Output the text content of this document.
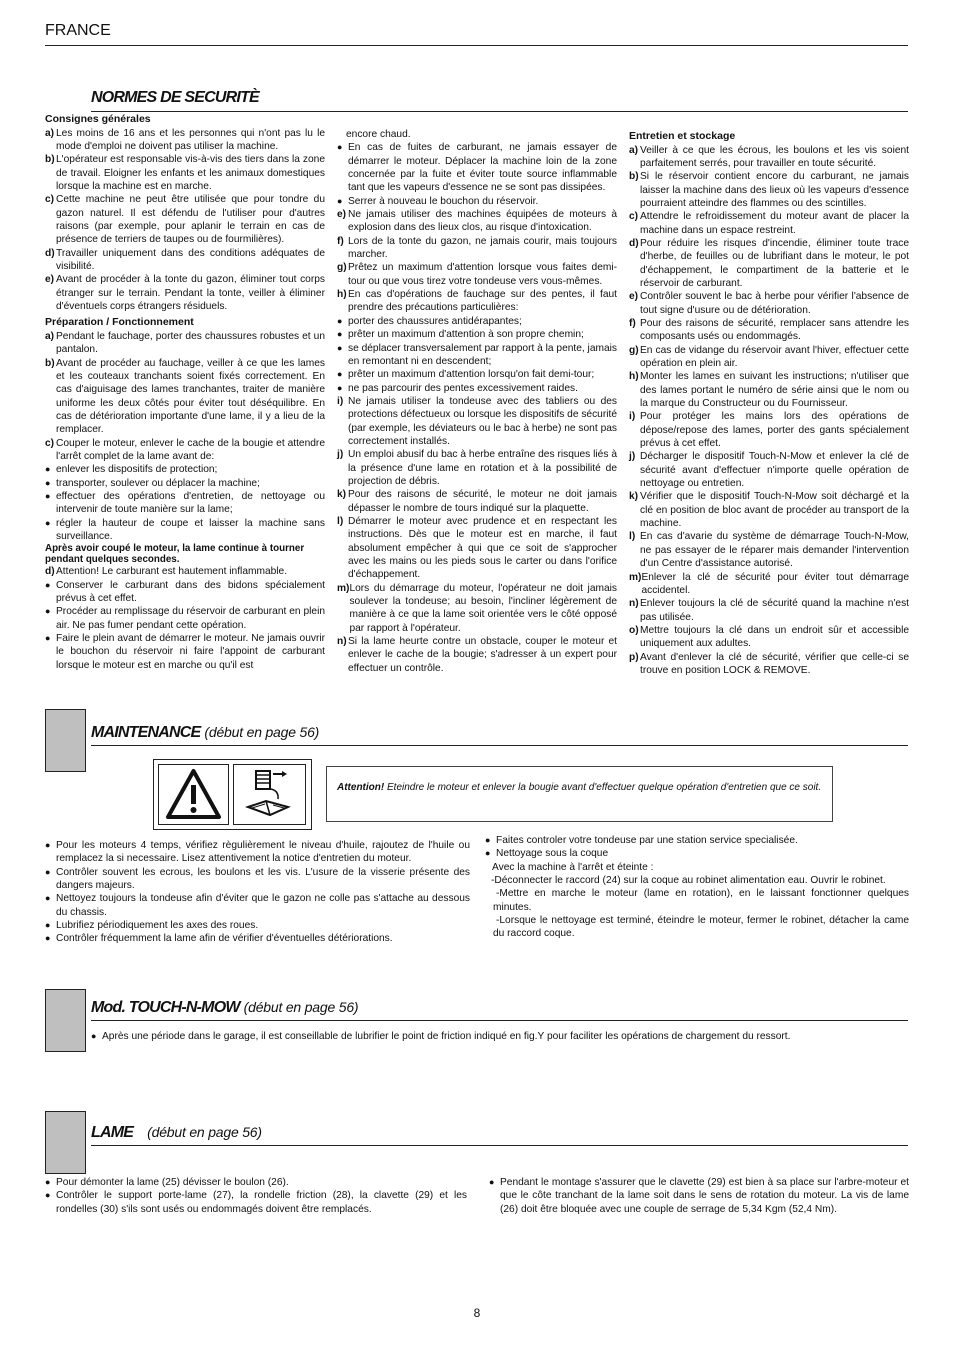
FRANCE
NORMES DE SECURITÈ
Consignes générales
a) Les moins de 16 ans et les personnes qui n'ont pas lu le mode d'emploi ne doivent pas utiliser la machine.
b) L'opérateur est responsable vis-à-vis des tiers dans la zone de travail. Eloigner les enfants et les animaux domestiques lorsque la machine est en marche.
c) Cette machine ne peut être utilisée que pour tondre du gazon naturel. Il est défendu de l'utiliser pour d'autres raisons (par exemple, pour aplanir le terrain en cas de présence de terriers de taupes ou de fourmilières).
d) Travailler uniquement dans des conditions adéquates de visibilité.
e) Avant de procéder à la tonte du gazon, éliminer tout corps étranger sur le terrain. Pendant la tonte, veiller à éliminer d'éventuels corps étrangers résiduels.
Préparation / Fonctionnement
a) Pendant le fauchage, porter des chaussures robustes et un pantalon.
b) Avant de procéder au fauchage, veiller à ce que les lames et les couteaux tranchants soient fixés correctement. En cas d'aiguisage des lames tranchantes, traiter de manière uniforme les deux côtés pour éviter tout déséquilibre. En cas de détérioration importante d'une lame, il y a lieu de la remplacer.
c) Couper le moteur, enlever le cache de la bougie et attendre l'arrêt complet de la lame avant de:
● enlever les dispositifs de protection;
● transporter, soulever ou déplacer la machine;
● effectuer des opérations d'entretien, de nettoyage ou intervenir de toute manière sur la lame;
● régler la hauteur de coupe et laisser la machine sans surveillance.

Après avoir coupé le moteur, la lame continue à tourner pendant quelques secondes.

d) Attention! Le carburant est hautement inflammable.
● Conserver le carburant dans des bidons spécialement prévus à cet effet.
● Procéder au remplissage du réservoir de carburant en plein air. Ne pas fumer pendant cette opération.
● Faire le plein avant de démarrer le moteur. Ne jamais ouvrir le bouchon du réservoir ni faire l'appoint de carburant lorsque le moteur est en marche ou qu'il est

encore chaud.

● En cas de fuites de carburant, ne jamais essayer de démarrer le moteur. Déplacer la machine loin de la zone concernée par la fuite et éviter toute source inflammable tant que les vapeurs d'essence ne se sont pas dissipées.
● Serrer à nouveau le bouchon du réservoir.
e) Ne jamais utiliser des machines équipées de moteurs à explosion dans des lieux clos, au risque d'intoxication.
f) Lors de la tonte du gazon, ne jamais courir, mais toujours marcher.
g) Prêtez un maximum d'attention lorsque vous faites demi-tour ou que vous tirez votre tondeuse vers vous-mêmes.
h) En cas d'opérations de fauchage sur des pentes, il faut prendre des précautions particulières:
● porter des chaussures antidérapantes;
● prêter un maximum d'attention à son propre chemin;
● se déplacer transversalement par rapport à la pente, jamais en remontant ni en descendent;
● prêter un maximum d'attention lorsqu'on fait demi-tour;
● ne pas parcourir des pentes excessivement raides.
i) Ne jamais utiliser la tondeuse avec des tabliers ou des protections défectueux ou lorsque les dispositifs de sécurité (par exemple, les déviateurs ou le bac à herbe) ne sont pas correctement installés.
j) Un emploi abusif du bac à herbe entraîne des risques liés à la présence d'une lame en rotation et à la possibilité de projection de débris.
k) Pour des raisons de sécurité, le moteur ne doit jamais dépasser le nombre de tours indiqué sur la plaquette.
l) Démarrer le moteur avec prudence et en respectant les instructions. Dès que le moteur est en marche, il faut absolument empêcher à qui que ce soit de s'approcher avec les mains ou les pieds sous le carter ou dans l'orifice d'échappement.
m) Lors du démarrage du moteur, l'opérateur ne doit jamais soulever la tondeuse; au besoin, l'incliner légèrement de manière à ce que la lame soit orientée vers le côté opposé par rapport à l'opérateur.
n) Si la lame heurte contre un obstacle, couper le moteur et enlever le cache de la bougie; s'adresser à un expert pour effectuer un contrôle.
Entretien et stockage
a) Veiller à ce que les écrous, les boulons et les vis soient parfaitement serrés, pour travailler en toute sécurité.
b) Si le réservoir contient encore du carburant, ne jamais laisser la machine dans des lieux où les vapeurs d'essence pourraient atteindre des flammes ou des scintilles.
c) Attendre le refroidissement du moteur avant de placer la machine dans un espace restreint.
d) Pour réduire les risques d'incendie, éliminer toute trace d'herbe, de feuilles ou de lubrifiant dans le moteur, le pot d'échappement, le compartiment de la batterie et le réservoir de carburant.
e) Contrôler souvent le bac à herbe pour vérifier l'absence de tout signe d'usure ou de détérioration.
f) Pour des raisons de sécurité, remplacer sans attendre les composants usés ou endommagés.
g) En cas de vidange du réservoir avant l'hiver, effectuer cette opération en plein air.
h) Monter les lames en suivant les instructions; n'utiliser que des lames portant le numéro de série ainsi que le nom ou la marque du Constructeur ou du Fournisseur.
i) Pour protéger les mains lors des opérations de dépose/repose des lames, porter des gants spécialement prévus à cet effet.
j) Décharger le dispositif Touch-N-Mow et enlever la clé de sécurité avant d'effectuer n'importe quelle opération de nettoyage ou entretien.
k) Vérifier que le dispositif Touch-N-Mow soit déchargé et la clé en position de bloc avant de procéder au transport de la machine.
l) En cas d'avarie du système de démarrage Touch-N-Mow, ne pas essayer de le réparer mais demander l'intervention d'un Centre d'assistance autorisé.
m) Enlever la clé de sécurité pour éviter tout démarrage accidentel.
n) Enlever toujours la clé de sécurité quand la machine n'est pas utilisée.
o) Mettre toujours la clé dans un endroit sûr et accessible uniquement aux adultes.
p) Avant d'enlever la clé de sécurité, vérifier que celle-ci se trouve en position LOCK & REMOVE.
MAINTENANCE (début en page 56)

Attention! Eteindre le moteur et enlever la bougie avant d'effectuer quelque opération d'entretien que ce soit.

● Pour les moteurs 4 temps, vérifiez règulièrement le niveau d'huile, rajoutez de l'huile ou remplacez la si necessaire. Lisez attentivement la notice d'entretien du moteur.
● Contrôler souvent les ecrous, les boulons et les vis. L'usure de la visserie présente des dangers majeurs.
● Nettoyez toujours la tondeuse afin d'éviter que le gazon ne colle pas s'attache au dessous du chassis.
● Lubrifiez périodiquement les axes des roues.
● Contrôler fréquemment la lame afin de vérifier d'éventuelles détériorations.
● Faites controler votre tondeuse par une station service specialisée.
● Nettoyage sous la coque

Avec la machine à l'arrêt et éteinte :

-Déconnecter le raccord (24) sur la coque au robinet alimentation eau. Ouvrir le robinet.

-Mettre en marche le moteur (lame en rotation), en le laissant fonctionner quelques minutes.

-Lorsque le nettoyage est terminé, éteindre le moteur, fermer le robinet, détacher la came du raccord coque.

Mod. TOUCH-N-MOW (début en page 56)
● Après une période dans le garage, il est conseillable de lubrifier le point de friction indiqué en fig.Y pour faciliter les opérations de chargement du ressort.
LAME (début en page 56)
● Pour démonter la lame (25) dévisser le boulon (26).
● Contrôler le support porte-lame (27), la rondelle friction (28), la clavette (29) et les rondelles (30) s'ils sont usés ou endommagés doivent être remplacés.
● Pendant le montage s'assurer que le clavette (29) est bien à sa place sur l'arbre-moteur et que le côte tranchant de la lame soit dans le sens de rotation du moteur. La vis de lame (26) doit être bloquée avec une couple de serrage de 5,34 Kgm (52,4 Nm).
8
